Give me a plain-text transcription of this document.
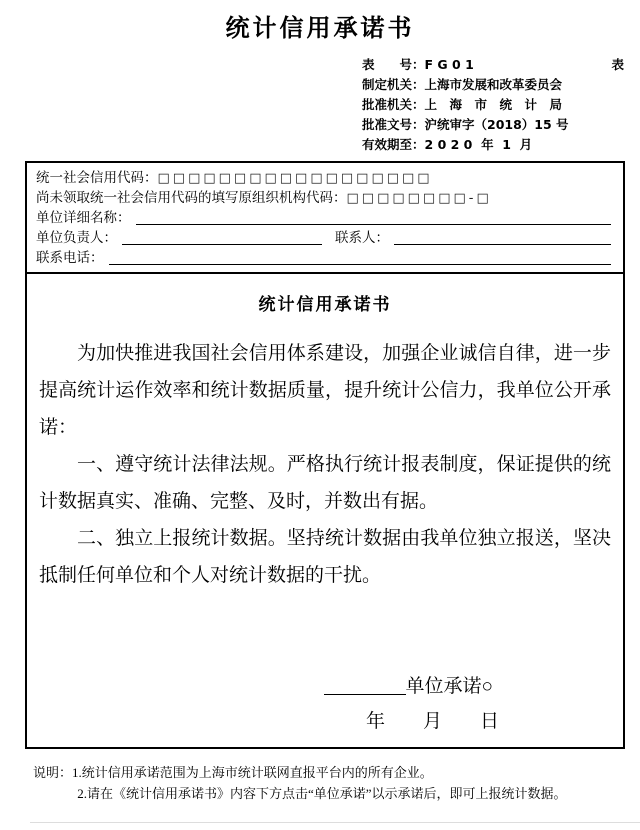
统计信用承诺书
表　　号： F G 0 1	表
制定机关： 上海市发展和改革委员会
批准机关： 上　海　市　统　计　局
批准文号： 沪统审字（2018）15 号
有效期至： 2 0 2 0  年  1  月
统一社会信用代码： □□□□□□□□□□□□□□□□□□
尚未领取统一社会信用代码的填写原组织机构代码： □□□□□□□□-□
单位详细名称：
单位负责人：	联系人：
联系电话：
统计信用承诺书

为加快推进我国社会信用体系建设，加强企业诚信自律，进一步提高统计运作效率和统计数据质量，提升统计公信力，我单位公开承诺：

一、遵守统计法律法规。严格执行统计报表制度，保证提供的统计数据真实、准确、完整、及时，并数出有据。

二、独立上报统计数据。坚持统计数据由我单位独立报送，坚决抵制任何单位和个人对统计数据的干扰。

单位承诺○
年　　月　　日

说明：1.统计信用承诺范围为上海市统计联网直报平台内的所有企业。

2.请在《统计信用承诺书》内容下方点击“单位承诺”以示承诺后，即可上报统计数据。
